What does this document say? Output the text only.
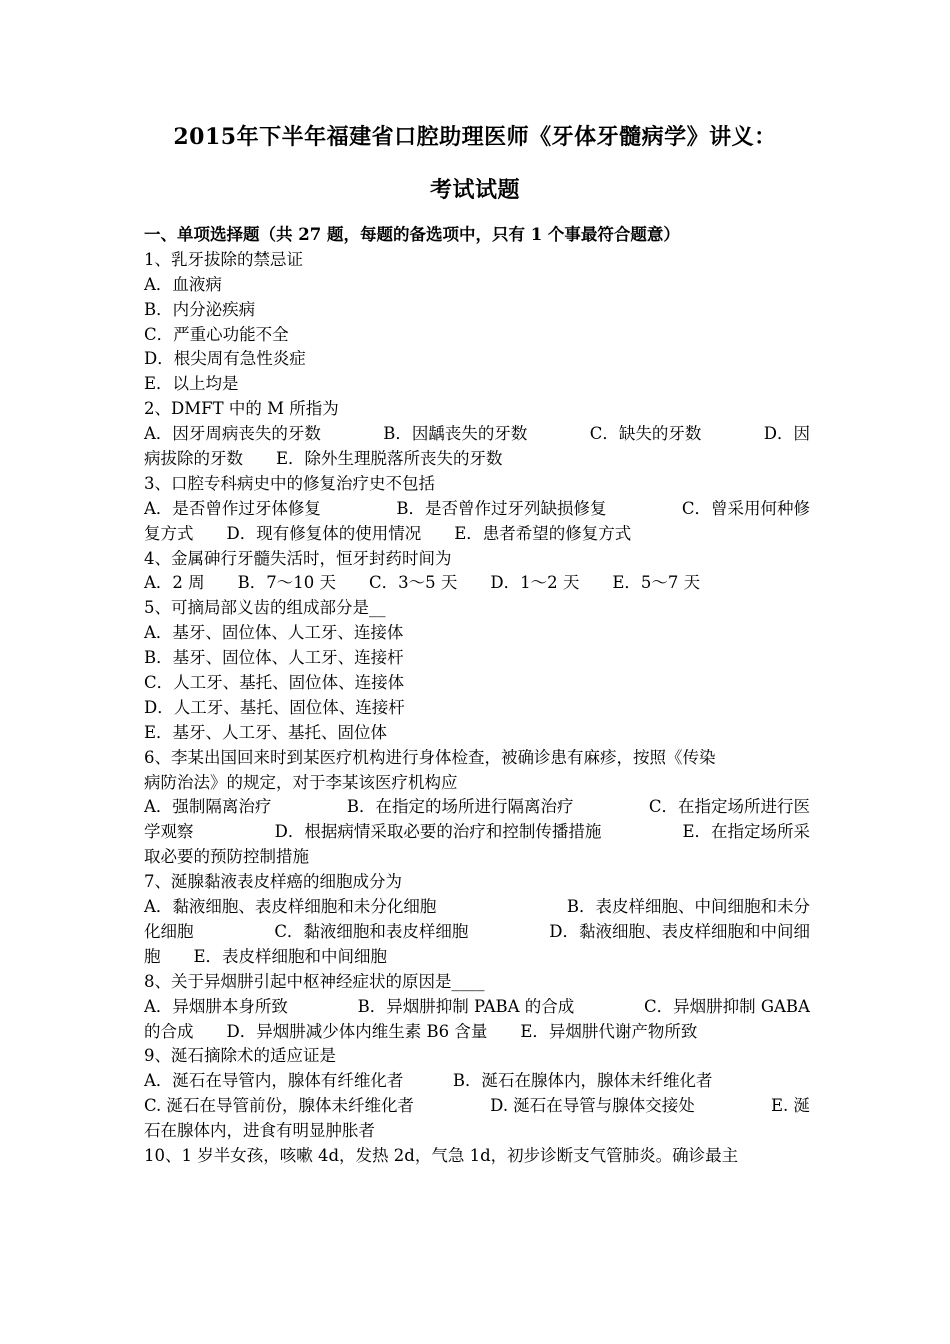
2015年下半年福建省口腔助理医师《牙体牙髓病学》讲义：
考试试题
一、单项选择题（共 27 题，每题的备选项中，只有 1 个事最符合题意）
1、乳牙拔除的禁忌证
A．血液病
B．内分泌疾病
C．严重心功能不全
D．根尖周有急性炎症
E．以上均是
2、DMFT 中的 M 所指为
A．因牙周病丧失的牙数	B．因龋丧失的牙数	C．缺失的牙数	D．因
病拔除的牙数　　E．除外生理脱落所丧失的牙数
3、口腔专科病史中的修复治疗史不包括
A．是否曾作过牙体修复	B．是否曾作过牙列缺损修复	C．曾采用何种修
复方式　　D．现有修复体的使用情况　　E．患者希望的修复方式
4、金属砷行牙髓失活时，恒牙封药时间为
A．2 周　　B．7～10 天　　C．3～5 天　　D．1～2 天　　E．5～7 天
5、可摘局部义齿的组成部分是__
A．基牙、固位体、人工牙、连接体
B．基牙、固位体、人工牙、连接杆
C．人工牙、基托、固位体、连接体
D．人工牙、基托、固位体、连接杆
E．基牙、人工牙、基托、固位体
6、李某出国回来时到某医疗机构进行身体检查，被确诊患有麻疹，按照《传染
病防治法》的规定，对于李某该医疗机构应
A．强制隔离治疗	B．在指定的场所进行隔离治疗	C．在指定场所进行医
学观察	D．根据病情采取必要的治疗和控制传播措施	E．在指定场所采
取必要的预防控制措施
7、涎腺黏液表皮样癌的细胞成分为
A．黏液细胞、表皮样细胞和未分化细胞	B．表皮样细胞、中间细胞和未分
化细胞	C．黏液细胞和表皮样细胞	D．黏液细胞、表皮样细胞和中间细
胞　　E．表皮样细胞和中间细胞
8、关于异烟肼引起中枢神经症状的原因是____
A．异烟肼本身所致	B．异烟肼抑制 PABA 的合成	C．异烟肼抑制 GABA
的合成　　D．异烟肼减少体内维生素 B6 含量　　E．异烟肼代谢产物所致
9、涎石摘除术的适应证是
A．涎石在导管内，腺体有纤维化者　　　B．涎石在腺体内，腺体未纤维化者
C. 涎石在导管前份，腺体未纤维化者	D. 涎石在导管与腺体交接处	E. 涎
石在腺体内，进食有明显肿胀者
10、1 岁半女孩，咳嗽 4d，发热 2d，气急 1d，初步诊断支气管肺炎。确诊最主
